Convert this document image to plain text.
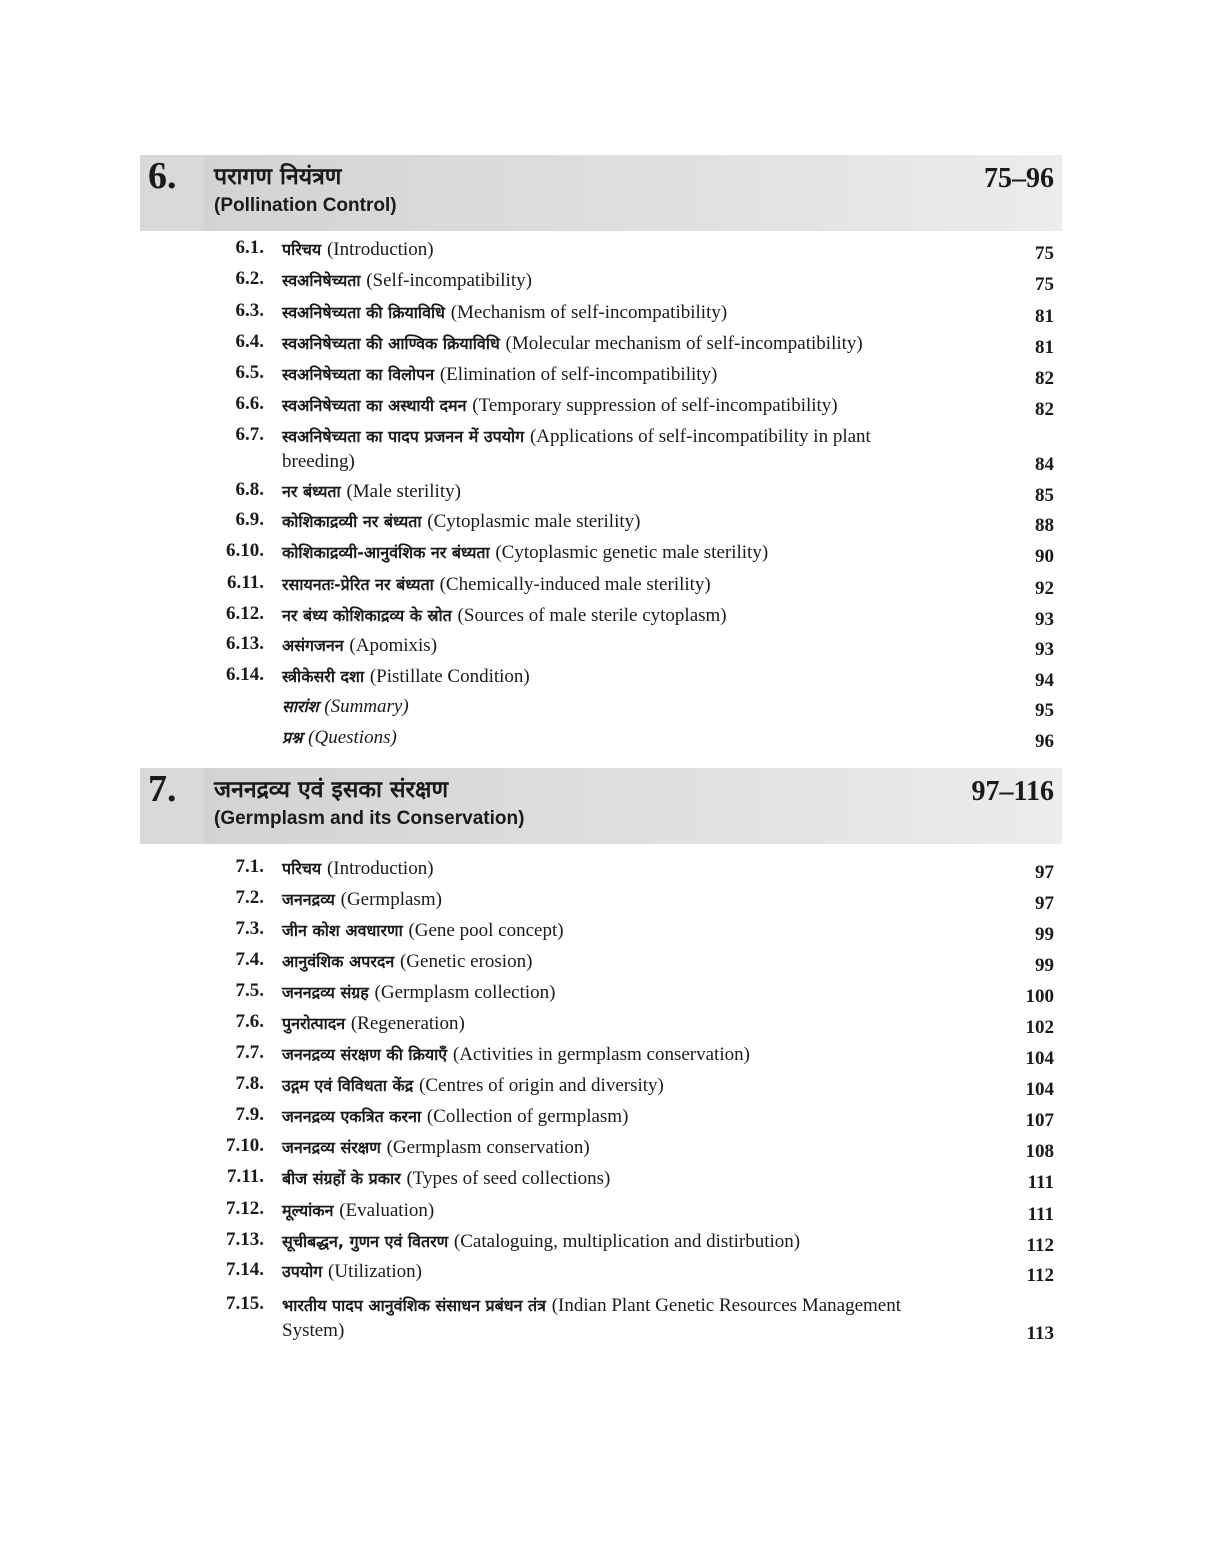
6.	परागण नियंत्रण
(Pollination Control)
75–96
6.1. परिचय (Introduction)	75
6.2. स्वअनिषेच्यता (Self-incompatibility)	75
6.3. स्वअनिषेच्यता की क्रियाविधि (Mechanism of self-incompatibility)	81
6.4. स्वअनिषेच्यता की आण्विक क्रियाविधि (Molecular mechanism of self-incompatibility)	81
6.5. स्वअनिषेच्यता का विलोपन (Elimination of self-incompatibility)	82
6.6. स्वअनिषेच्यता का अस्थायी दमन (Temporary suppression of self-incompatibility)	82
6.7. स्वअनिषेच्यता का पादप प्रजनन में उपयोग (Applications of self-incompatibility in plant breeding)	84
6.8. नर बंध्यता (Male sterility)	85
6.9. कोशिकाद्रव्यी नर बंध्यता (Cytoplasmic male sterility)	88
6.10. कोशिकाद्रव्यी-आनुवंशिक नर बंध्यता (Cytoplasmic genetic male sterility)	90
6.11. रसायनतः-प्रेरित नर बंध्यता (Chemically-induced male sterility)	92
6.12. नर बंध्य कोशिकाद्रव्य के स्रोत (Sources of male sterile cytoplasm)	93
6.13. असंगजनन (Apomixis)	93
6.14. स्त्रीकेसरी दशा (Pistillate Condition)	94
सारांश (Summary)	95
प्रश्न (Questions)	96
7.	जननद्रव्य एवं इसका संरक्षण
(Germplasm and its Conservation)
97–116
7.1. परिचय (Introduction)	97
7.2. जननद्रव्य (Germplasm)	97
7.3. जीन कोश अवधारणा (Gene pool concept)	99
7.4. आनुवंशिक अपरदन (Genetic erosion)	99
7.5. जननद्रव्य संग्रह (Germplasm collection)	100
7.6. पुनरोत्पादन (Regeneration)	102
7.7. जननद्रव्य संरक्षण की क्रियाएँ (Activities in germplasm conservation)	104
7.8. उद्गम एवं विविधता केंद्र (Centres of origin and diversity)	104
7.9. जननद्रव्य एकत्रित करना (Collection of germplasm)	107
7.10. जननद्रव्य संरक्षण (Germplasm conservation)	108
7.11. बीज संग्रहों के प्रकार (Types of seed collections)	111
7.12. मूल्यांकन (Evaluation)	111
7.13. सूचीबद्धन, गुणन एवं वितरण (Cataloguing, multiplication and distirbution)	112
7.14. उपयोग (Utilization)	112
7.15. भारतीय पादप आनुवंशिक संसाधन प्रबंधन तंत्र (Indian Plant Genetic Resources Management System)	113
